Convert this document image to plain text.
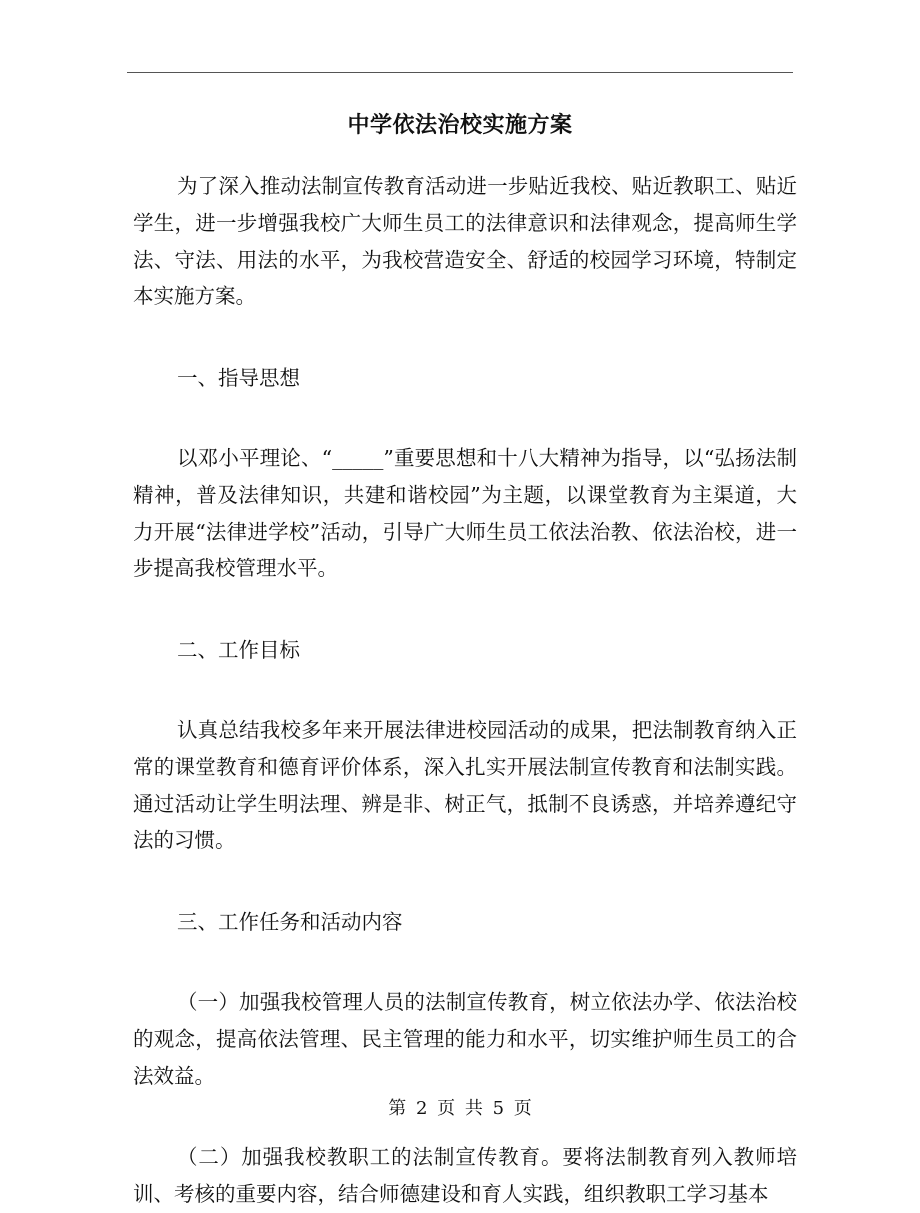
中学依法治校实施方案

为了深入推动法制宣传教育活动进一步贴近我校、贴近教职工、贴近学生，进一步增强我校广大师生员工的法律意识和法律观念，提高师生学法、守法、用法的水平，为我校营造安全、舒适的校园学习环境，特制定本实施方案。

一、指导思想

以邓小平理论、“_____”重要思想和十八大精神为指导，以“弘扬法制精神，普及法律知识，共建和谐校园”为主题，以课堂教育为主渠道，大力开展“法律进学校”活动，引导广大师生员工依法治教、依法治校，进一步提高我校管理水平。

二、工作目标

认真总结我校多年来开展法律进校园活动的成果，把法制教育纳入正常的课堂教育和德育评价体系，深入扎实开展法制宣传教育和法制实践。通过活动让学生明法理、辨是非、树正气，抵制不良诱惑，并培养遵纪守法的习惯。

三、工作任务和活动内容

（一）加强我校管理人员的法制宣传教育，树立依法办学、依法治校的观念，提高依法管理、民主管理的能力和水平，切实维护师生员工的合法效益。

（二）加强我校教职工的法制宣传教育。要将法制教育列入教师培训、考核的重要内容，结合师德建设和育人实践，组织教职工学习基本

第 2 页 共 5 页
